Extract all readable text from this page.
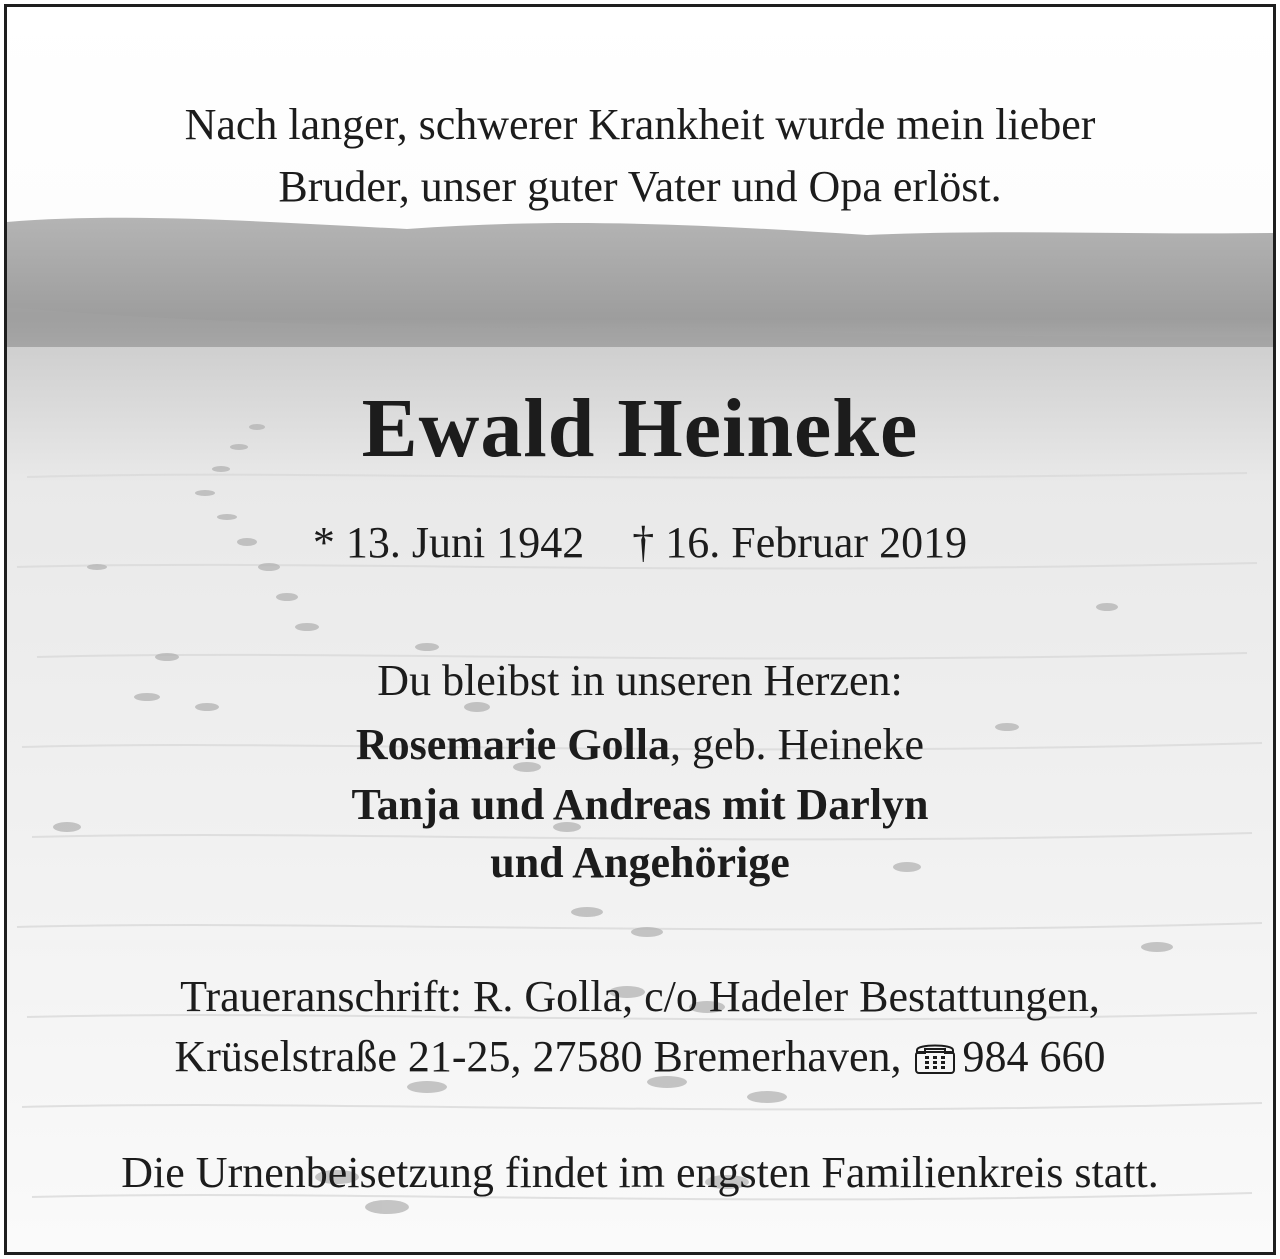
Nach langer, schwerer Krankheit wurde mein lieber
Bruder, unser guter Vater und Opa erlöst.
Ewald Heineke
* 13. Juni 1942 † 16. Februar 2019
Du bleibst in unseren Herzen:
Rosemarie Golla, geb. Heineke
Tanja und Andreas mit Darlyn
und Angehörige
Traueranschrift: R. Golla, c/o Hadeler Bestattungen,
Krüselstraße 21-25, 27580 Bremerhaven, 984 660
Die Urnenbeisetzung findet im engsten Familienkreis statt.
